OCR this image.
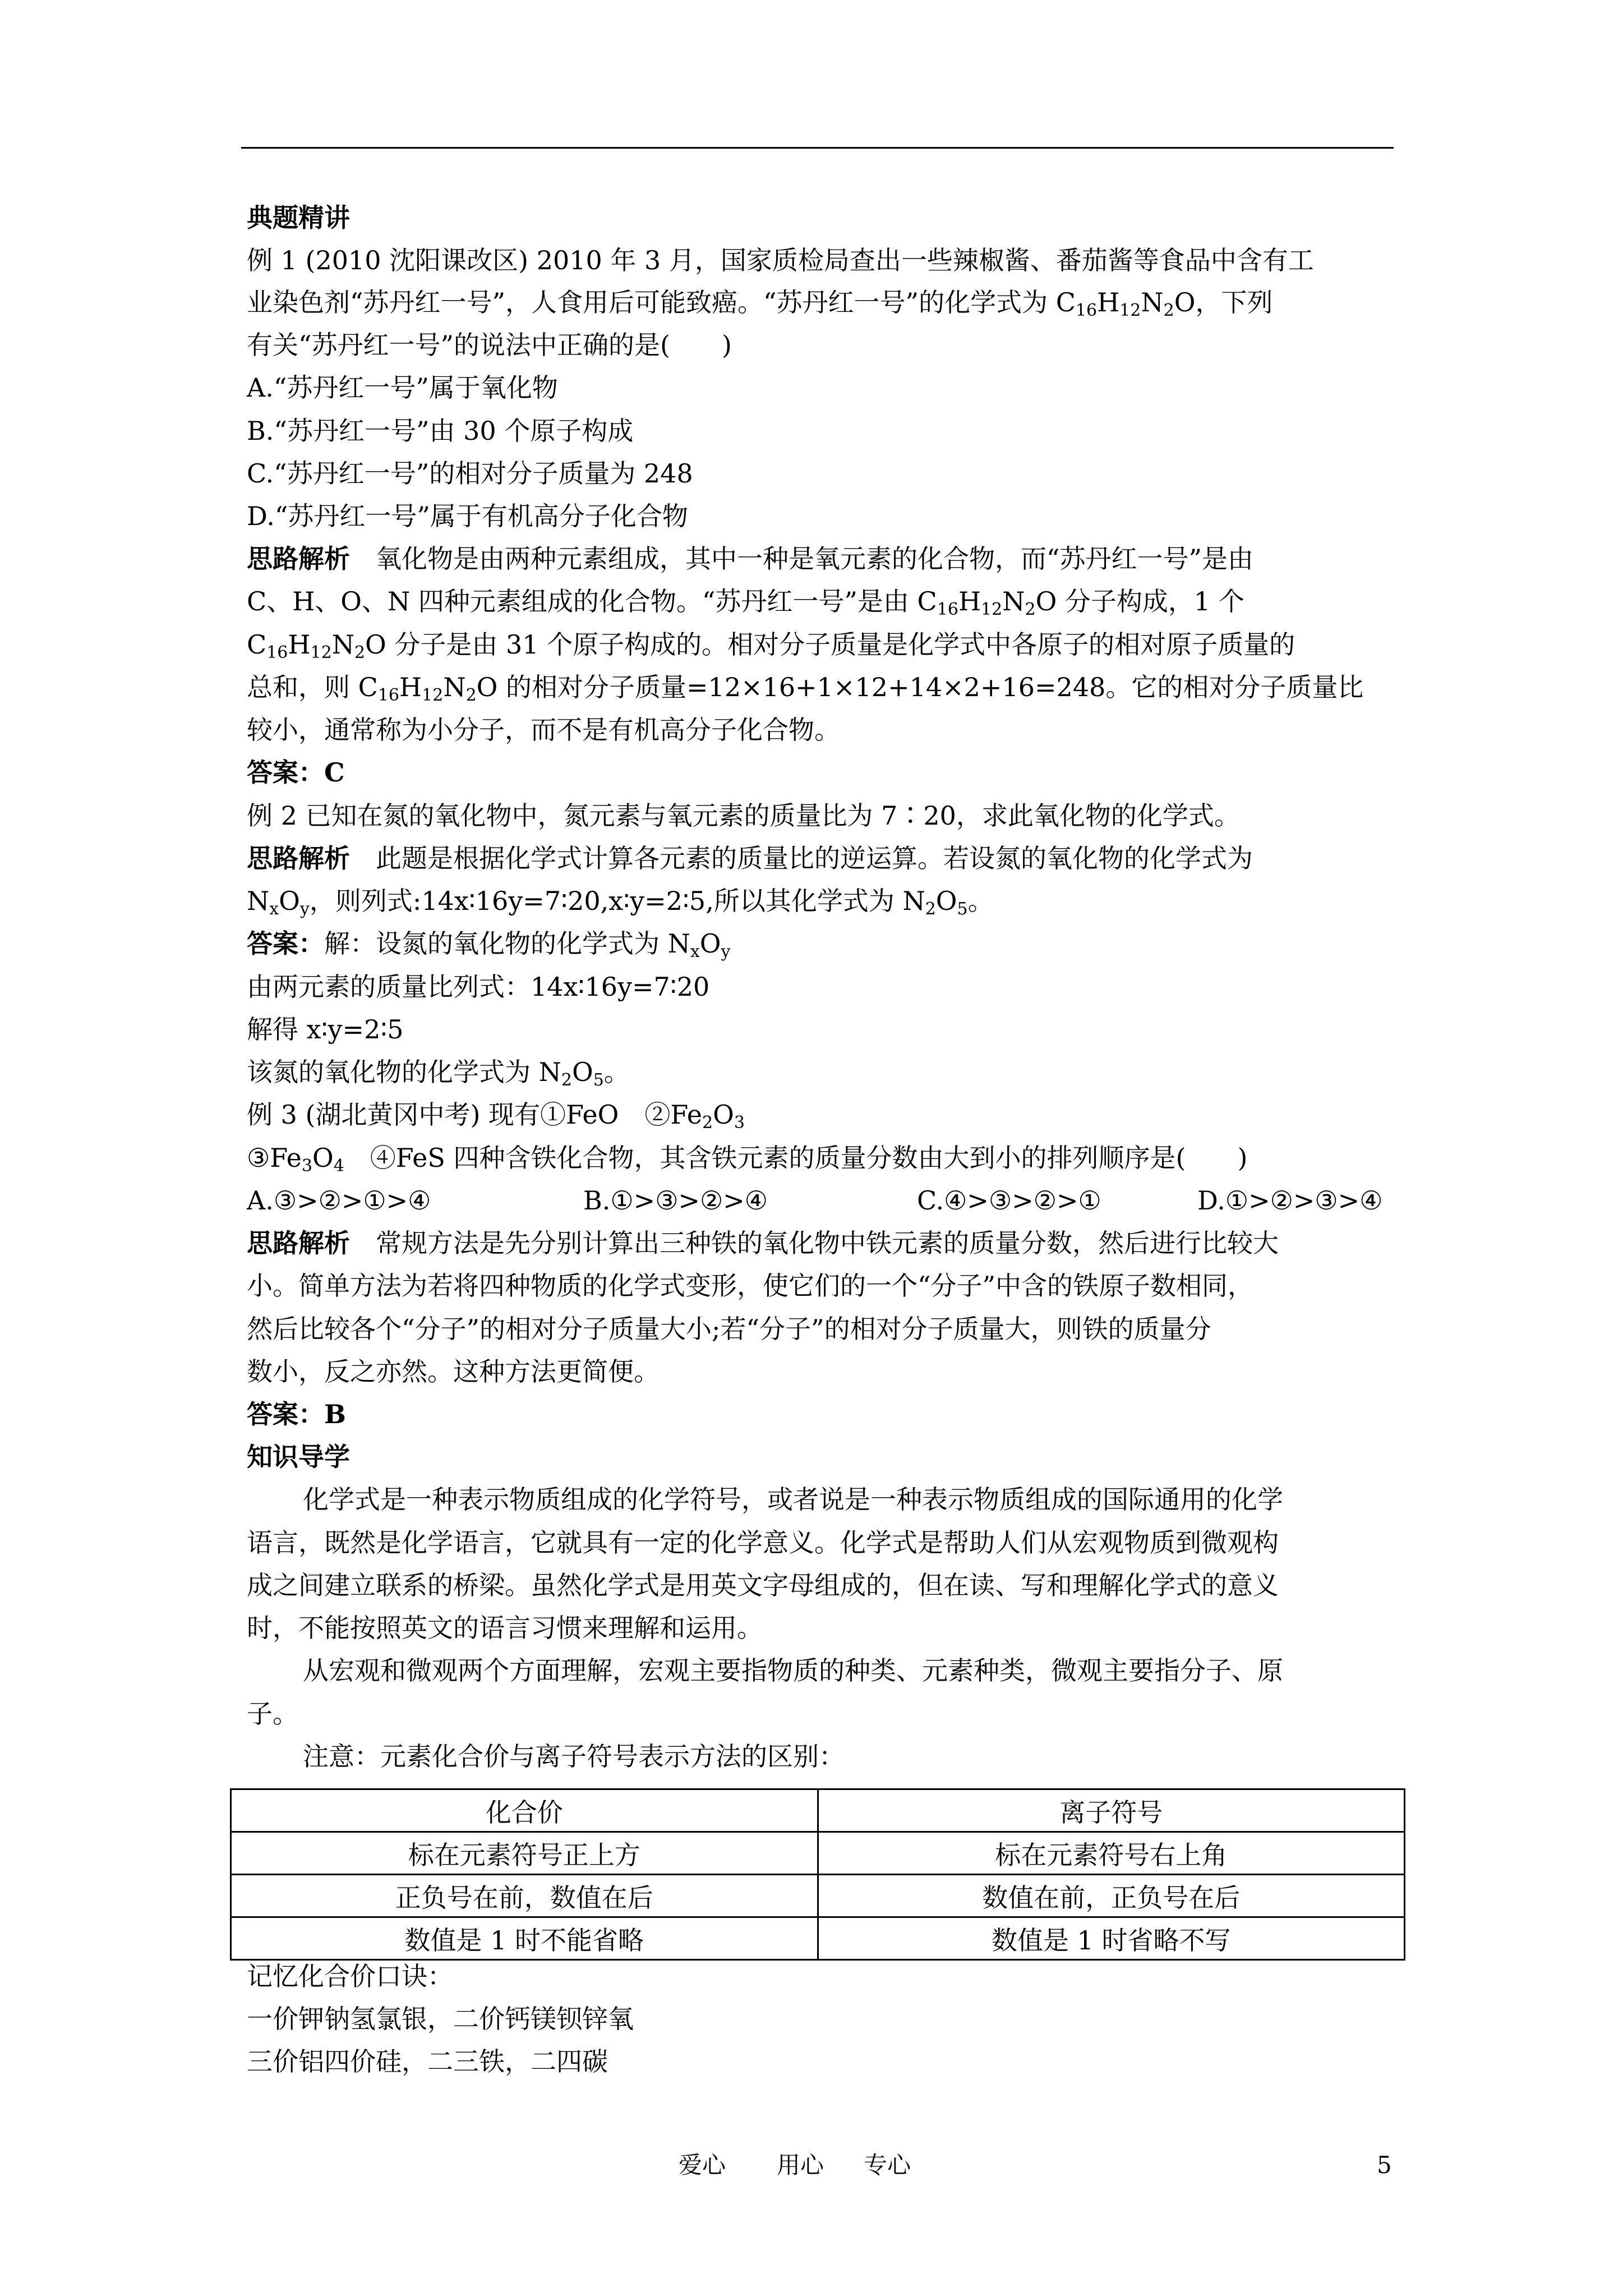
典题精讲
例 1 (2010 沈阳课改区) 2010 年 3 月，国家质检局查出一些辣椒酱、番茄酱等食品中含有工
业染色剂“苏丹红一号”，人食用后可能致癌。“苏丹红一号”的化学式为 $C_{16}H_{12}N_2O$，下列
有关“苏丹红一号”的说法中正确的是(　　)
A.“苏丹红一号”属于氧化物
B.“苏丹红一号”由 30 个原子构成
C.“苏丹红一号”的相对分子质量为 248
D.“苏丹红一号”属于有机高分子化合物
思路解析　氧化物是由两种元素组成，其中一种是氧元素的化合物，而“苏丹红一号”是由
C、H、O、N 四种元素组成的化合物。“苏丹红一号”是由 $C_{16}H_{12}N_2O$ 分子构成，1 个
$C_{16}H_{12}N_2O$ 分子是由 31 个原子构成的。相对分子质量是化学式中各原子的相对原子质量的
总和，则 $C_{16}H_{12}N_2O$ 的相对分子质量=12×16+1×12+14×2+16=248。它的相对分子质量比
较小，通常称为小分子，而不是有机高分子化合物。
答案：C
例 2 已知在氮的氧化物中，氮元素与氧元素的质量比为 7∶20，求此氧化物的化学式。
思路解析　此题是根据化学式计算各元素的质量比的逆运算。若设氮的氧化物的化学式为
$N_xO_y$，则列式:14x∶16y=7∶20,x∶y=2∶5,所以其化学式为 $N_2O_5$。
答案：解：设氮的氧化物的化学式为 $N_xO_y$
由两元素的质量比列式：14x∶16y=7∶20
解得 x∶y=2∶5
该氮的氧化物的化学式为 $N_2O_5$。
例 3 (湖北黄冈中考) 现有①FeO　$②Fe_2O_3$
$③Fe_3O_4$　④FeS 四种含铁化合物，其含铁元素的质量分数由大到小的排列顺序是(　　)
A.③>②>①>④	B.①>③>②>④	C.④>③>②>①	D.①>②>③>④
思路解析　常规方法是先分别计算出三种铁的氧化物中铁元素的质量分数，然后进行比较大
小。简单方法为若将四种物质的化学式变形，使它们的一个“分子”中含的铁原子数相同，
然后比较各个“分子”的相对分子质量大小;若“分子”的相对分子质量大，则铁的质量分
数小，反之亦然。这种方法更简便。
答案：B
知识导学
化学式是一种表示物质组成的化学符号，或者说是一种表示物质组成的国际通用的化学
语言，既然是化学语言，它就具有一定的化学意义。化学式是帮助人们从宏观物质到微观构
成之间建立联系的桥梁。虽然化学式是用英文字母组成的，但在读、写和理解化学式的意义
时，不能按照英文的语言习惯来理解和运用。
从宏观和微观两个方面理解，宏观主要指物质的种类、元素种类，微观主要指分子、原
子。
注意：元素化合价与离子符号表示方法的区别：
化合价	离子符号
标在元素符号正上方	标在元素符号右上角
正负号在前，数值在后	数值在前，正负号在后
数值是 1 时不能省略	数值是 1 时省略不写
记忆化合价口诀：
一价钾钠氢氯银，二价钙镁钡锌氧
三价铝四价硅，二三铁，二四碳
爱心 用心 专心	5
